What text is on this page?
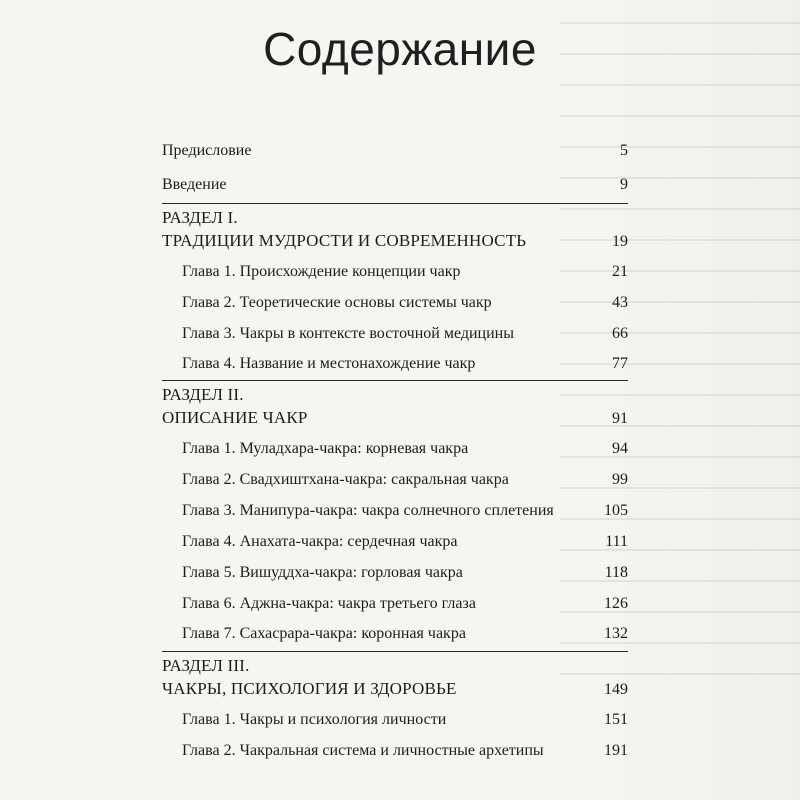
Содержание
Предисловие	5
Введение	9
РАЗДЕЛ I.
ТРАДИЦИИ МУДРОСТИ И СОВРЕМЕННОСТЬ	19
Глава 1. Происхождение концепции чакр	21
Глава 2. Теоретические основы системы чакр	43
Глава 3. Чакры в контексте восточной медицины	66
Глава 4. Название и местонахождение чакр	77
РАЗДЕЛ II.
ОПИСАНИЕ ЧАКР	91
Глава 1. Муладхара-чакра: корневая чакра	94
Глава 2. Свадхиштхана-чакра: сакральная чакра	99
Глава 3. Манипура-чакра: чакра солнечного сплетения	105
Глава 4. Анахата-чакра: сердечная чакра	111
Глава 5. Вишуддха-чакра: горловая чакра	118
Глава 6. Аджна-чакра: чакра третьего глаза	126
Глава 7. Сахасрара-чакра: коронная чакра	132
РАЗДЕЛ III.
ЧАКРЫ, ПСИХОЛОГИЯ И ЗДОРОВЬЕ	149
Глава 1. Чакры и психология личности	151
Глава 2. Чакральная система и личностные архетипы	191
